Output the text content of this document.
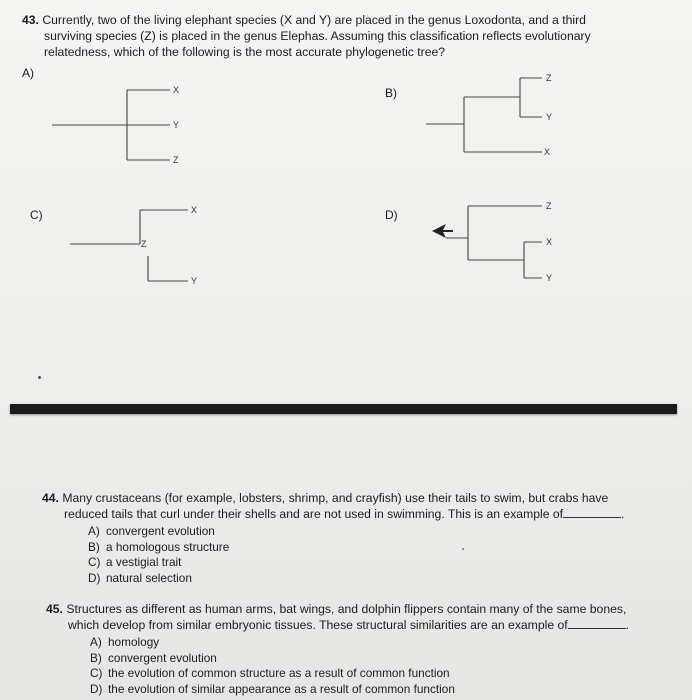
43. Currently, two of the living elephant species (X and Y) are placed in the genus Loxodonta, and a third
surviving species (Z) is placed in the genus Elephas. Assuming this classification reflects evolutionary
relatedness, which of the following is the most accurate phylogenetic tree?
A)
B)
C)	D)
X
Y
Z
Z
Y
X
X
Z
Y
Z
X
Y
44. Many crustaceans (for example, lobsters, shrimp, and crayfish) use their tails to swim, but crabs have
reduced tails that curl under their shells and are not used in swimming. This is an example of	.
A) convergent evolution
B) a homologous structure
C) a vestigial trait
D) natural selection
45. Structures as different as human arms, bat wings, and dolphin flippers contain many of the same bones,
which develop from similar embryonic tissues. These structural similarities are an example of	.
A) homology
B) convergent evolution
C) the evolution of common structure as a result of common function
D) the evolution of similar appearance as a result of common function
